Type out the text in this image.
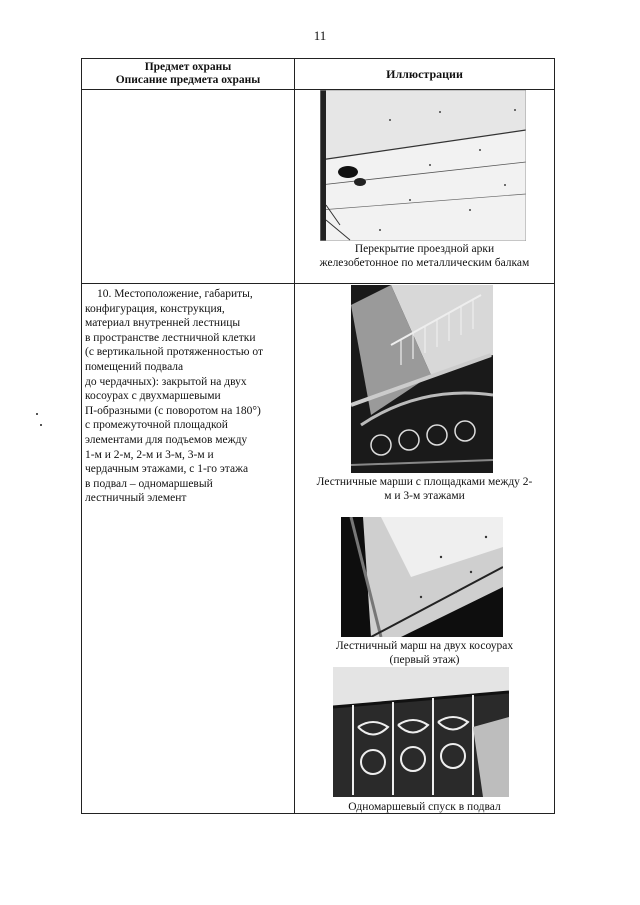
11
Предмет охраны
Описание предмета охраны	Иллюстрации
Перекрытие проездной арки
железобетонное по металлическим балкам
10. Местоположение, габариты,
конфигурация, конструкция,
материал внутренней лестницы
в пространстве лестничной клетки
(с вертикальной протяженностью от
помещений подвала
до чердачных): закрытой на двух
косоурах с двухмаршевыми
П-образными (с поворотом на 180°)
с промежуточной площадкой
элементами для подъемов между
1-м и 2-м, 2-м и 3-м, 3-м и
чердачным этажами, с 1-го этажа
в подвал – одномаршевый
лестничный элемент
Лестничные марши с площадками между 2-
м и 3-м этажами
Лестничный марш на двух косоурах
(первый этаж)
Одномаршевый спуск в подвал
